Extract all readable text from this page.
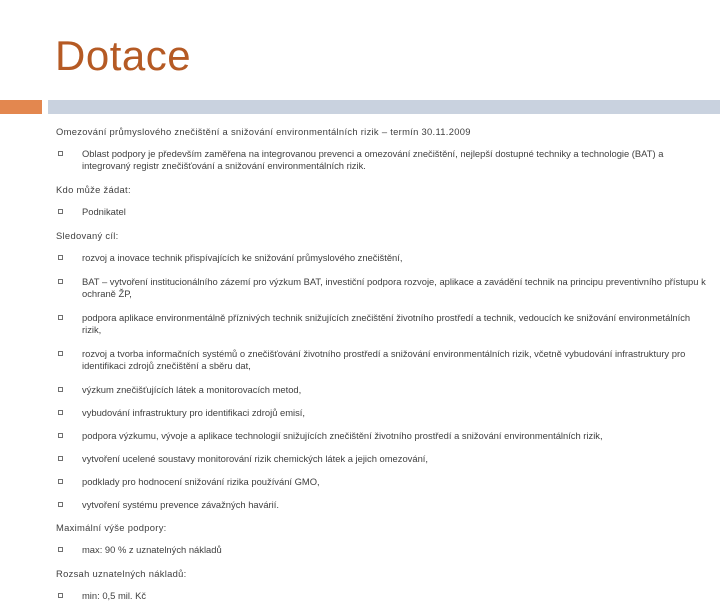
Dotace

Omezování průmyslového znečištění a snižování environmentálních rizik – termín 30.11.2009

Oblast podpory je především zaměřena na integrovanou prevenci a omezování znečištění, nejlepší dostupné techniky a technologie (BAT) a integrovaný registr znečišťování a snižování environmentálních rizik.

Kdo může žádat:

Podnikatel

Sledovaný cíl:

rozvoj a inovace technik přispívajících ke snižování průmyslového znečištění,
BAT – vytvoření institucionálního zázemí pro výzkum BAT, investiční podpora rozvoje, aplikace a zavádění technik na principu preventivního přístupu k ochraně ŽP,
podpora aplikace environmentálně příznivých technik snižujících znečištění životního prostředí a technik, vedoucích ke snižování environmetálních rizik,
rozvoj a tvorba informačních systémů o znečišťování životního prostředí a snižování environmentálních rizik, včetně vybudování infrastruktury pro identifikaci zdrojů znečištění a sběru dat,
výzkum znečišťujících látek a monitorovacích metod,
vybudování infrastruktury pro identifikaci zdrojů emisí,
podpora výzkumu, vývoje a aplikace technologií snižujících znečištění životního prostředí a snižování environmentálních rizik,
vytvoření ucelené soustavy monitorování rizik chemických látek a jejich omezování,
podklady pro hodnocení snižování rizika používání GMO,
vytvoření systému prevence závažných havárií.

Maximální výše podpory:

max: 90 % z uznatelných nákladů

Rozsah uznatelných nákladů:

min: 0,5 mil. Kč
